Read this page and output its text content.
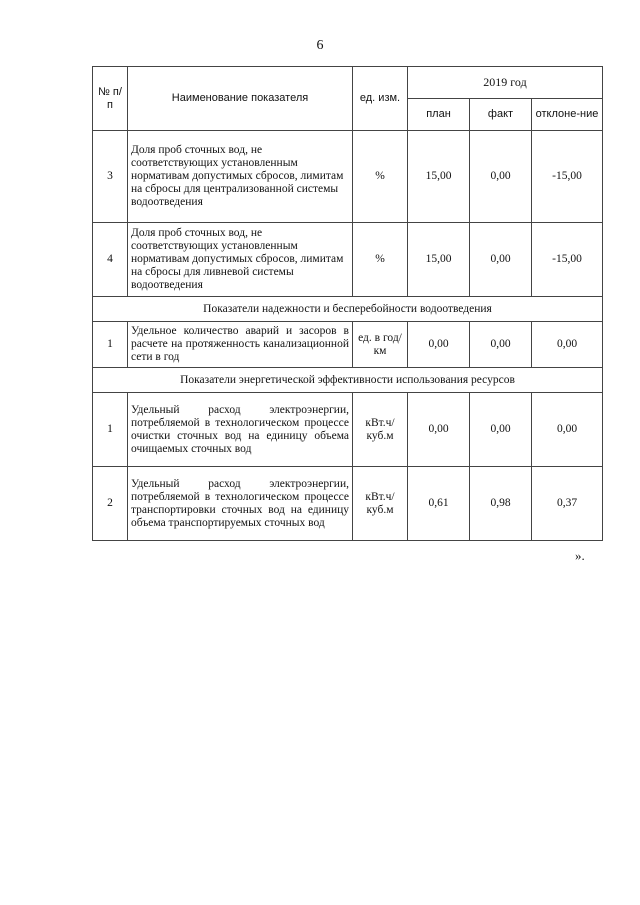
6
№ п/п	Наименование показателя	ед. изм.	2019 год		
			план	факт	отклоне-ние
3	Доля проб сточных вод, не соответствующих установленным нормативам допустимых сбросов, лимитам на сбросы для централизованной системы водоотведения	%	15,00	0,00	-15,00
4	Доля проб сточных вод, не соответствующих установленным нормативам допустимых сбросов, лимитам на сбросы для ливневой системы водоотведения	%	15,00	0,00	-15,00
Показатели надежности и бесперебойности водоотведения					
1	Удельное количество аварий и засоров в расчете на протяженность канализационной сети в год	ед. в год/ км	0,00	0,00	0,00
Показатели энергетической эффективности использования ресурсов					
1	Удельный расход электроэнергии, потребляемой в технологическом процессе очистки сточных вод на единицу объема очищаемых сточных вод	кВт.ч/ куб.м	0,00	0,00	0,00
2	Удельный расход электроэнергии, потребляемой в технологическом процессе транспортировки сточных вод на единицу объема транспортируемых сточных вод	кВт.ч/ куб.м	0,61	0,98	0,37
».
